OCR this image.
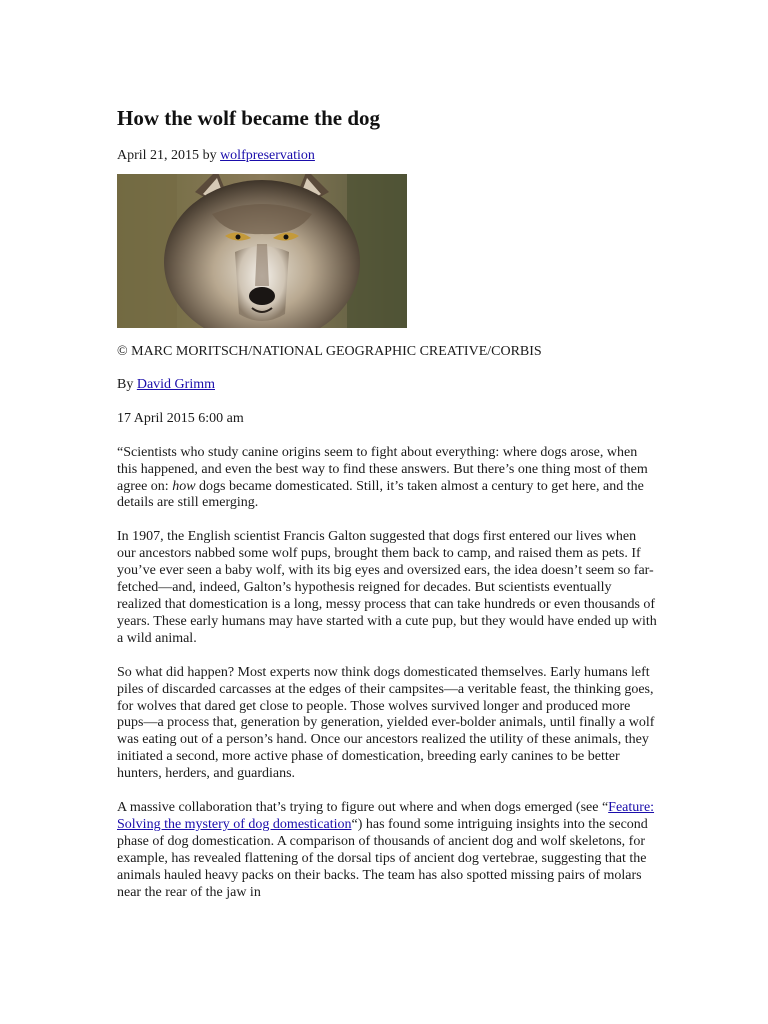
How the wolf became the dog
April 21, 2015 by wolfpreservation

© MARC MORITSCH/NATIONAL GEOGRAPHIC CREATIVE/CORBIS

By David Grimm

17 April 2015 6:00 am

“Scientists who study canine origins seem to fight about everything: where dogs arose, when this happened, and even the best way to find these answers. But there’s one thing most of them agree on: how dogs became domesticated. Still, it’s taken almost a century to get here, and the details are still emerging.

In 1907, the English scientist Francis Galton suggested that dogs first entered our lives when our ancestors nabbed some wolf pups, brought them back to camp, and raised them as pets. If you’ve ever seen a baby wolf, with its big eyes and oversized ears, the idea doesn’t seem so far-fetched—and, indeed, Galton’s hypothesis reigned for decades. But scientists eventually realized that domestication is a long, messy process that can take hundreds or even thousands of years. These early humans may have started with a cute pup, but they would have ended up with a wild animal.

So what did happen? Most experts now think dogs domesticated themselves. Early humans left piles of discarded carcasses at the edges of their campsites—a veritable feast, the thinking goes, for wolves that dared get close to people. Those wolves survived longer and produced more pups—a process that, generation by generation, yielded ever-bolder animals, until finally a wolf was eating out of a person’s hand. Once our ancestors realized the utility of these animals, they initiated a second, more active phase of domestication, breeding early canines to be better hunters, herders, and guardians.

A massive collaboration that’s trying to figure out where and when dogs emerged (see “Feature: Solving the mystery of dog domestication“) has found some intriguing insights into the second phase of dog domestication. A comparison of thousands of ancient dog and wolf skeletons, for example, has revealed flattening of the dorsal tips of ancient dog vertebrae, suggesting that the animals hauled heavy packs on their backs. The team has also spotted missing pairs of molars near the rear of the jaw in
